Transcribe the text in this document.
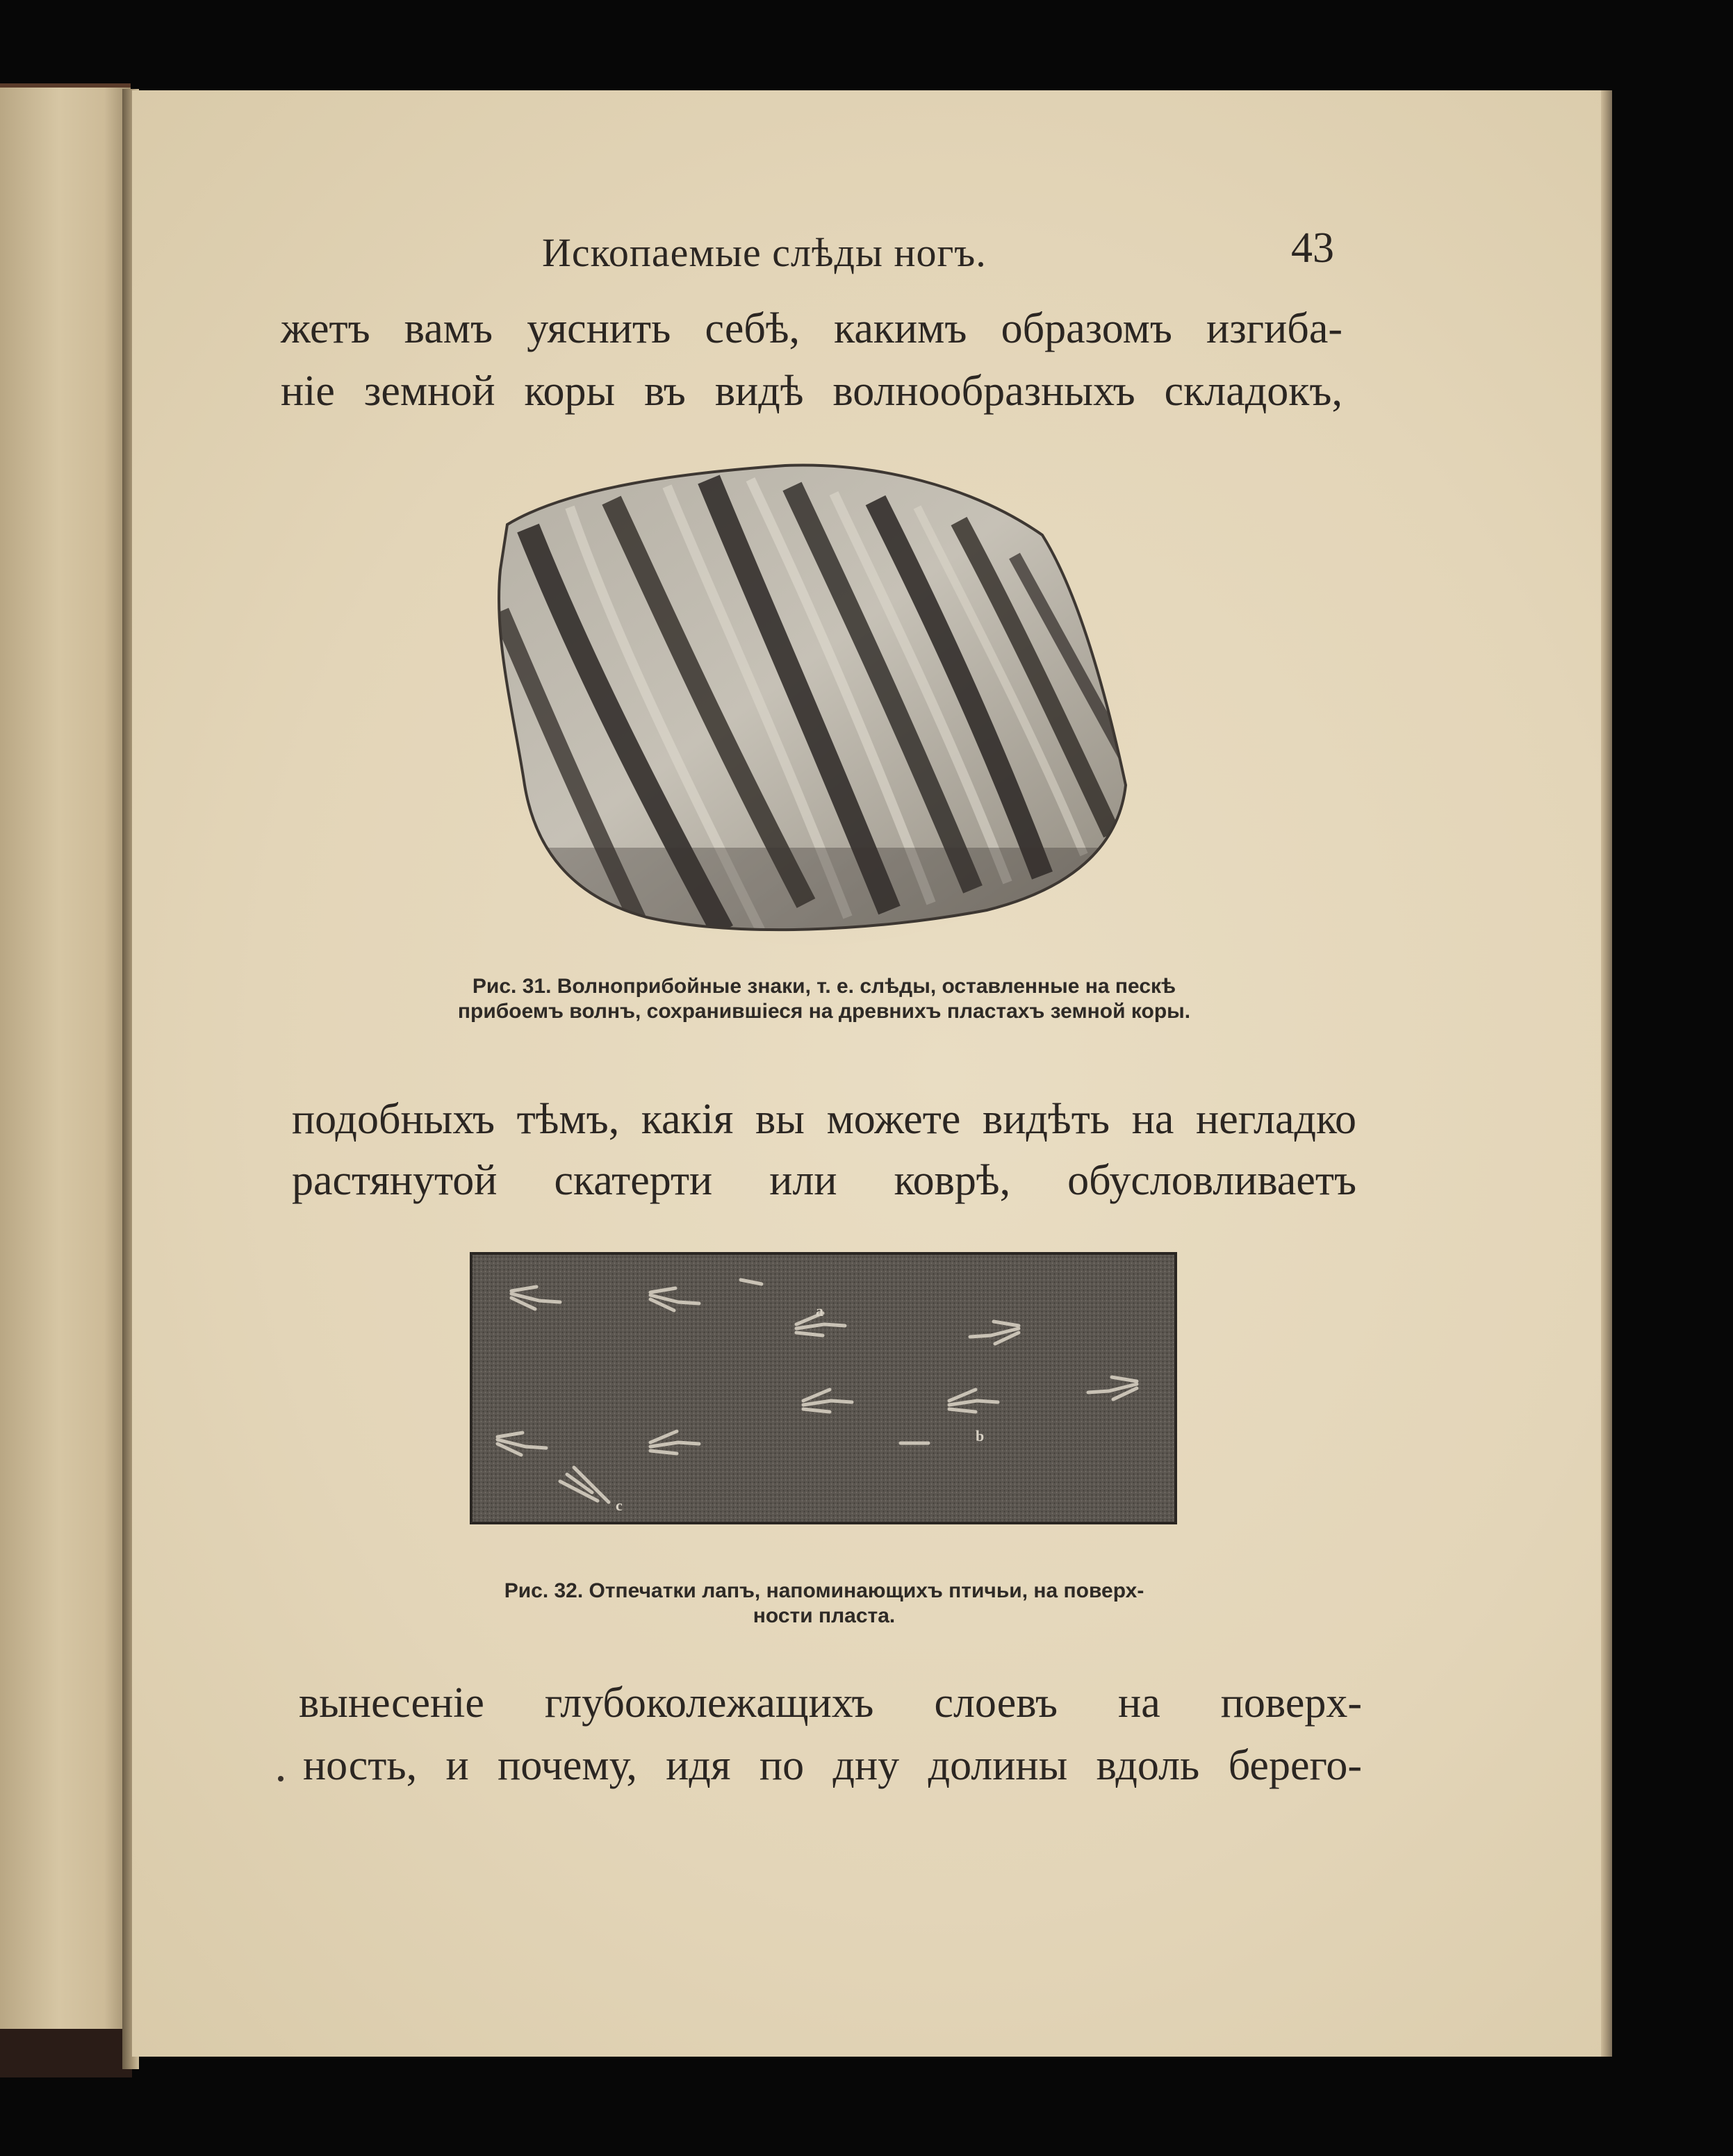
Ископаемые слѣды ногъ.	43
жетъ вамъ уяснить себѣ, какимъ образомъ изгиба-
ніе земной коры въ видѣ волнообразныхъ складокъ,
Рис. 31. Волноприбойные знаки, т. е. слѣды, оставленные на пескѣ
прибоемъ волнъ, сохранившіеся на древнихъ пластахъ земной коры.
подобныхъ тѣмъ, какія вы можете видѣть на негладко
растянутой скатерти или коврѣ, обусловливаетъ
a
b
c
Рис. 32. Отпечатки лапъ, напоминающихъ птичьи, на поверх-
ности пласта.
вынесеніе глубоколежащихъ слоевъ на поверх-
ность, и почему, идя по дну долины вдоль берего-
